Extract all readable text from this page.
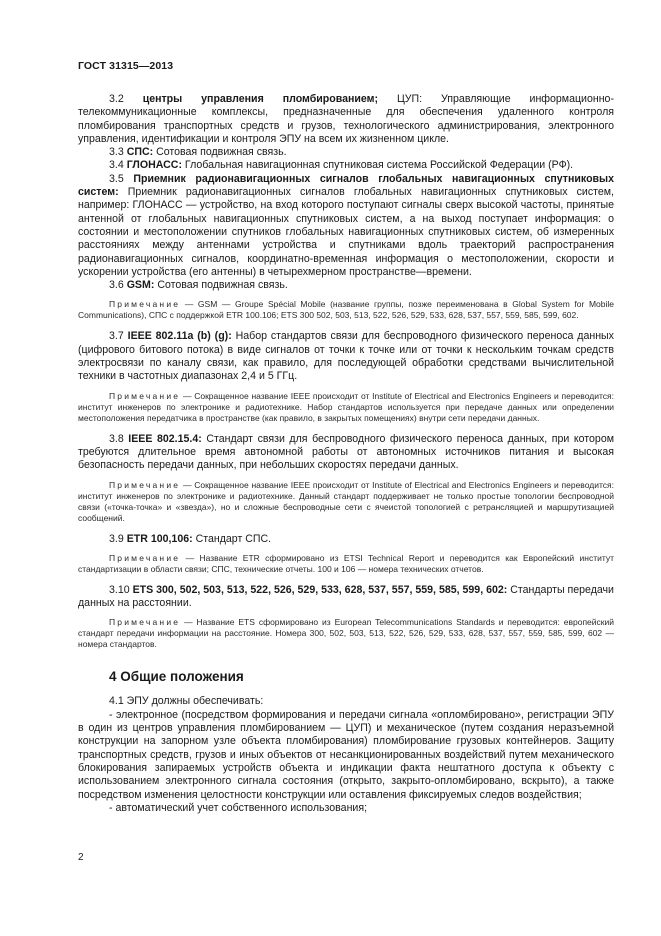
ГОСТ 31315—2013

3.2 центры управления пломбированием; ЦУП: Управляющие информационно-телекоммуникационные комплексы, предназначенные для обеспечения удаленного контроля пломбирования транспортных средств и грузов, технологического администрирования, электронного управления, идентификации и контроля ЭПУ на всем их жизненном цикле.

3.3 СПС: Сотовая подвижная связь.

3.4 ГЛОНАСС: Глобальная навигационная спутниковая система Российской Федерации (РФ).

3.5 Приемник радионавигационных сигналов глобальных навигационных спутниковых систем: Приемник радионавигационных сигналов глобальных навигационных спутниковых систем, например: ГЛОНАСС — устройство, на вход которого поступают сигналы сверх высокой частоты, принятые антенной от глобальных навигационных спутниковых систем, а на выход поступает информация: о состоянии и местоположении спутников глобальных навигационных спутниковых систем, об измеренных расстояниях между антеннами устройства и спутниками вдоль траекторий распространения радионавигационных сигналов, координатно-временная информация о местоположении, скорости и ускорении устройства (его антенны) в четырехмерном пространстве—времени.

3.6 GSM: Сотовая подвижная связь.

Примечание — GSM — Groupe Spécial Mobile (название группы, позже переименована в Global System for Mobile Communications), СПС с поддержкой ETR 100.106; ETS 300 502, 503, 513, 522, 526, 529, 533, 628, 537, 557, 559, 585, 599, 602.

3.7 IEEE 802.11a (b) (g): Набор стандартов связи для беспроводного физического переноса данных (цифрового битового потока) в виде сигналов от точки к точке или от точки к нескольким точкам средств электросвязи по каналу связи, как правило, для последующей обработки средствами вычислительной техники в частотных диапазонах 2,4 и 5 ГГц.

Примечание — Сокращенное название IEEE происходит от Institute of Electrical and Electronics Engineers и переводится: институт инженеров по электронике и радиотехнике. Набор стандартов используется при передаче данных или определении местоположения передатчика в пространстве (как правило, в закрытых помещениях) внутри сети передачи данных.

3.8 IEEE 802.15.4: Стандарт связи для беспроводного физического переноса данных, при котором требуются длительное время автономной работы от автономных источников питания и высокая безопасность передачи данных, при небольших скоростях передачи данных.

Примечание — Сокращенное название IEEE происходит от Institute of Electrical and Electronics Engineers и переводится: институт инженеров по электронике и радиотехнике. Данный стандарт поддерживает не только простые топологии беспроводной связи («точка-точка» и «звезда»), но и сложные беспроводные сети с ячеистой топологией с ретрансляцией и маршрутизацией сообщений.

3.9 ETR 100,106: Стандарт СПС.

Примечание — Название ETR сформировано из ETSI Technical Report и переводится как Европейский институт стандартизации в области связи; СПС, технические отчеты. 100 и 106 — номера технических отчетов.

3.10 ETS 300, 502, 503, 513, 522, 526, 529, 533, 628, 537, 557, 559, 585, 599, 602: Стандарты передачи данных на расстоянии.

Примечание — Название ETS сформировано из European Telecommunications Standards и переводится: европейский стандарт передачи информации на расстояние. Номера 300, 502, 503, 513, 522, 526, 529, 533, 628, 537, 557, 559, 585, 599, 602 — номера стандартов.

4 Общие положения

4.1 ЭПУ должны обеспечивать:

- электронное (посредством формирования и передачи сигнала «опломбировано», регистрации ЭПУ в один из центров управления пломбированием — ЦУП) и механическое (путем создания неразъемной конструкции на запорном узле объекта пломбирования) пломбирование грузовых контейнеров. Защиту транспортных средств, грузов и иных объектов от несанкционированных воздействий путем механического блокирования запираемых устройств объекта и индикации факта нештатного доступа к объекту с использованием электронного сигнала состояния (открыто, закрыто-опломбировано, вскрыто), а также посредством изменения целостности конструкции или оставления фиксируемых следов воздействия;

- автоматический учет собственного использования;

2
